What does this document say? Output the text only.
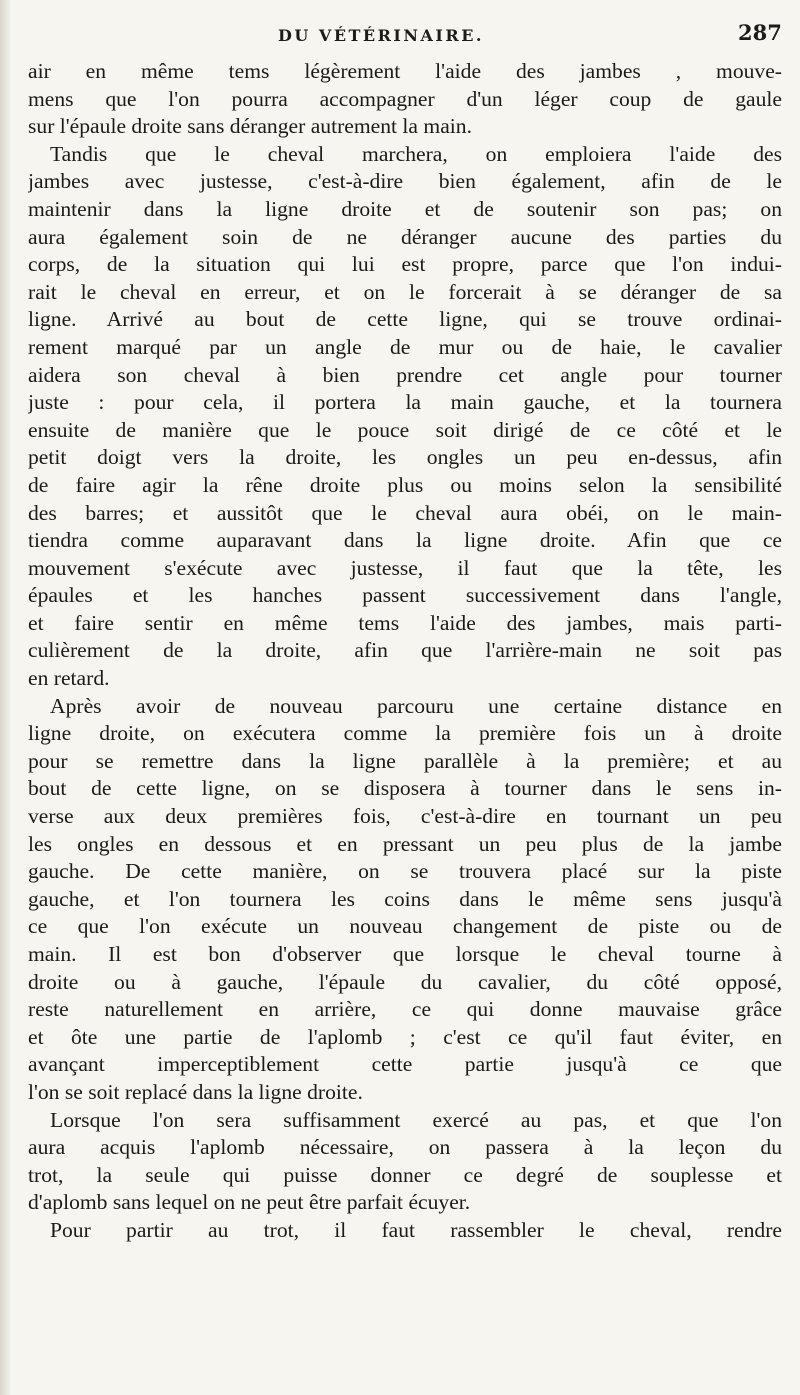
DU VÉTÉRINAIRE.	287
air en même tems légèrement l'aide des jambes , mouve-
mens que l'on pourra accompagner d'un léger coup de gaule
sur l'épaule droite sans déranger autrement la main.
Tandis que le cheval marchera, on emploiera l'aide des
jambes avec justesse, c'est-à-dire bien également, afin de le
maintenir dans la ligne droite et de soutenir son pas; on
aura également soin de ne déranger aucune des parties du
corps, de la situation qui lui est propre, parce que l'on indui-
rait le cheval en erreur, et on le forcerait à se déranger de sa
ligne. Arrivé au bout de cette ligne, qui se trouve ordinai-
rement marqué par un angle de mur ou de haie, le cavalier
aidera son cheval à bien prendre cet angle pour tourner
juste : pour cela, il portera la main gauche, et la tournera
ensuite de manière que le pouce soit dirigé de ce côté et le
petit doigt vers la droite, les ongles un peu en-dessus, afin
de faire agir la rêne droite plus ou moins selon la sensibilité
des barres; et aussitôt que le cheval aura obéi, on le main-
tiendra comme auparavant dans la ligne droite. Afin que ce
mouvement s'exécute avec justesse, il faut que la tête, les
épaules et les hanches passent successivement dans l'angle,
et faire sentir en même tems l'aide des jambes, mais parti-
culièrement de la droite, afin que l'arrière-main ne soit pas
en retard.
Après avoir de nouveau parcouru une certaine distance en
ligne droite, on exécutera comme la première fois un à droite
pour se remettre dans la ligne parallèle à la première; et au
bout de cette ligne, on se disposera à tourner dans le sens in-
verse aux deux premières fois, c'est-à-dire en tournant un peu
les ongles en dessous et en pressant un peu plus de la jambe
gauche. De cette manière, on se trouvera placé sur la piste
gauche, et l'on tournera les coins dans le même sens jusqu'à
ce que l'on exécute un nouveau changement de piste ou de
main. Il est bon d'observer que lorsque le cheval tourne à
droite ou à gauche, l'épaule du cavalier, du côté opposé,
reste naturellement en arrière, ce qui donne mauvaise grâce
et ôte une partie de l'aplomb ; c'est ce qu'il faut éviter, en
avançant imperceptiblement cette partie jusqu'à ce que
l'on se soit replacé dans la ligne droite.
Lorsque l'on sera suffisamment exercé au pas, et que l'on
aura acquis l'aplomb nécessaire, on passera à la leçon du
trot, la seule qui puisse donner ce degré de souplesse et
d'aplomb sans lequel on ne peut être parfait écuyer.
Pour partir au trot, il faut rassembler le cheval, rendre
